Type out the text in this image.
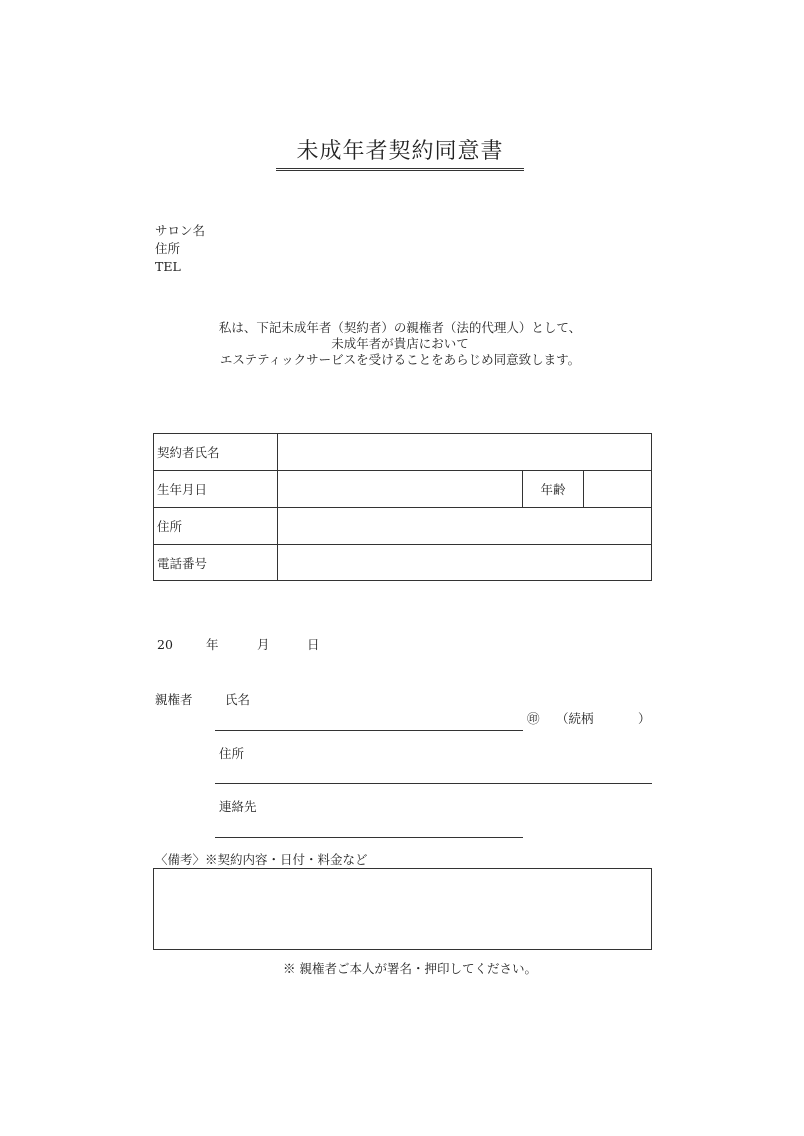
未成年者契約同意書
サロン名
住所
TEL
私は、下記未成年者（契約者）の親権者（法的代理人）として、
未成年者が貴店において
エステティックサービスを受けることをあらじめ同意致します。
契約者氏名
生年月日	年齢
住所
電話番号
20	年	月	日
親権者	氏名
㊞ （続柄	）
住所
連絡先
〈備考〉※契約内容・日付・料金など
※ 親権者ご本人が署名・押印してください。
